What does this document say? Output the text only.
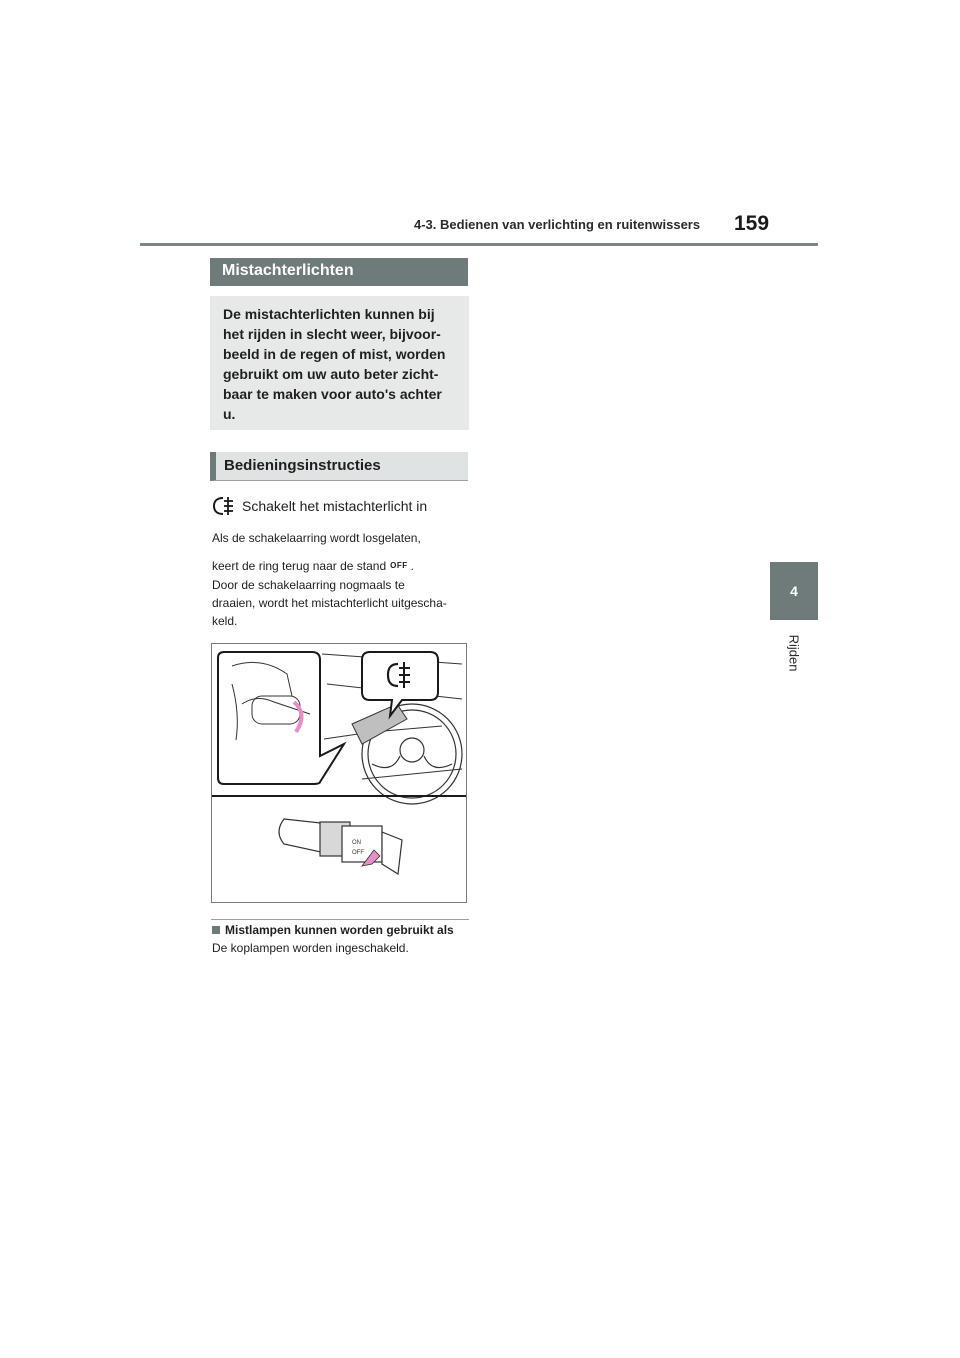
4-3. Bedienen van verlichting en ruitenwissers 159
4
Rijden
Mistachterlichten
De mistachterlichten kunnen bij
het rijden in slecht weer, bijvoor-
beeld in de regen of mist, worden
gebruikt om uw auto beter zicht-
baar te maken voor auto's achter
u.
Bedieningsinstructies
Schakelt het mistachterlicht in
Als de schakelaarring wordt losgelaten,
keert de ring terug naar de stand OFF .
Door de schakelaarring nogmaals te
draaien, wordt het mistachterlicht uitgescha-
keld.
ON
OFF
Mistlampen kunnen worden gebruikt als
De koplampen worden ingeschakeld.
